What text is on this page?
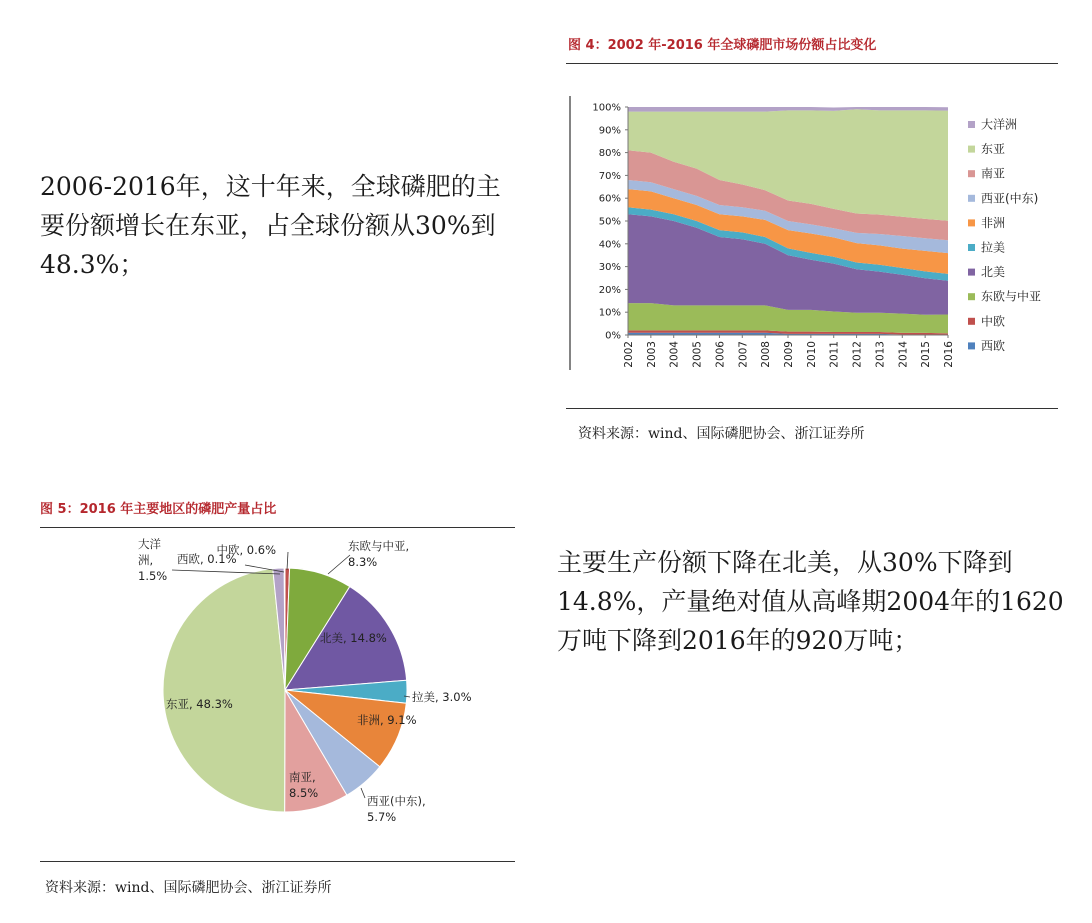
2006-2016年，这十年来，全球磷肥的主要份额增长在东亚，占全球份额从30%到48.3%；

主要生产份额下降在北美，从30%下降到14.8%，产量绝对值从高峰期2004年的1620万吨下降到2016年的920万吨；

图 4：2002 年-2016 年全球磷肥市场份额占比变化
0%
10%
20%
30%
40%
50%
60%
70%
80%
90%
100%
2002 2003 2004 2005 2006 2007 2008 2009 2010 2011 2012 2013 2014 2015 2016
大洋洲
东亚
南亚
西亚(中东)
非洲
拉美
北美
东欧与中亚
中欧
西欧
资料来源：wind、国际磷肥协会、浙江证券所
图 5：2016 年主要地区的磷肥产量占比
中欧, 0.6%	东欧与中亚, 8.3%
北美, 14.8%
拉美, 3.0%
非洲, 9.1%
西亚(中东), 5.7%
南亚, 8.5%
东亚, 48.3%
大洋洲, 1.5%
西欧, 0.1%
资料来源：wind、国际磷肥协会、浙江证券所
